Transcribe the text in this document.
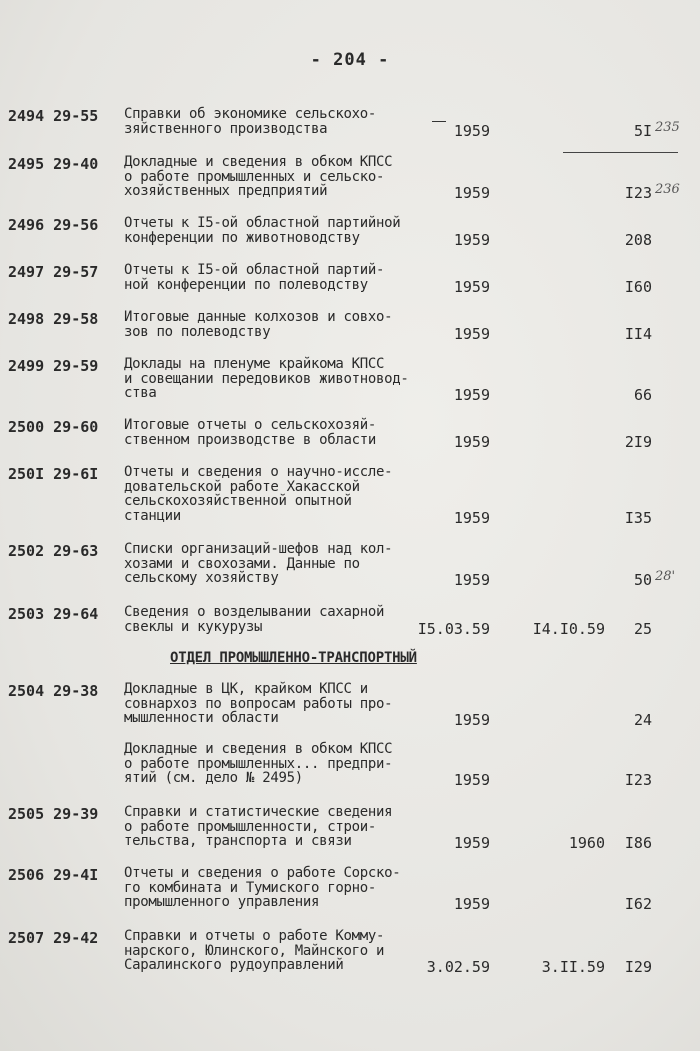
- 204 -
ОТДЕЛ ПРОМЫШЛЕННО-ТРАНСПОРТНЫЙ
2494 29-55 Справки об экономике сельскохо-
зяйственного производства	1959	5I 235
2495 29-40 Докладные и сведения в обком КПСС
о работе промышленных и сельско-
хозяйственных предприятий	1959	I23 236
2496 29-56 Отчеты к I5-ой областной партийной
конференции по животноводству	1959	208
2497 29-57 Отчеты к I5-ой областной партий-
ной конференции по полеводству	1959	I60
2498 29-58 Итоговые данные колхозов и совхо-
зов по полеводству	1959	II4
2499 29-59 Доклады на пленуме крайкома КПСС
и совещании передовиков животновод-
ства	1959	66
2500 29-60 Итоговые отчеты о сельскохозяй-
ственном производстве в области	1959	2I9
250I 29-6I Отчеты и сведения о научно-иссле-
довательской работе Хакасской
сельскохозяйственной опытной
станции	1959	I35
2502 29-63 Списки организаций-шефов над кол-
хозами и свохозами. Данные по
сельскому хозяйству	1959	50 28'
2503 29-64 Сведения о возделывании сахарной
свеклы и кукурузы	I5.03.59	I4.I0.59	25
2504 29-38 Докладные в ЦК, крайком КПСС и
совнархоз по вопросам работы про-
мышленности области	1959	24
Докладные и сведения в обком КПСС
о работе промышленных... предпри-
ятий (см. дело № 2495)	1959	I23
2505 29-39 Справки и статистические сведения
о работе промышленности, строи-
тельства, транспорта и связи	1959	1960	I86
2506 29-4I Отчеты и сведения о работе Сорско-
го комбината и Тумиского горно-
промышленного управления	1959	I62
2507 29-42 Справки и отчеты о работе Комму-
нарского, Юлинского, Майнского и
Саралинского рудоуправлений	3.02.59	3.II.59	I29
